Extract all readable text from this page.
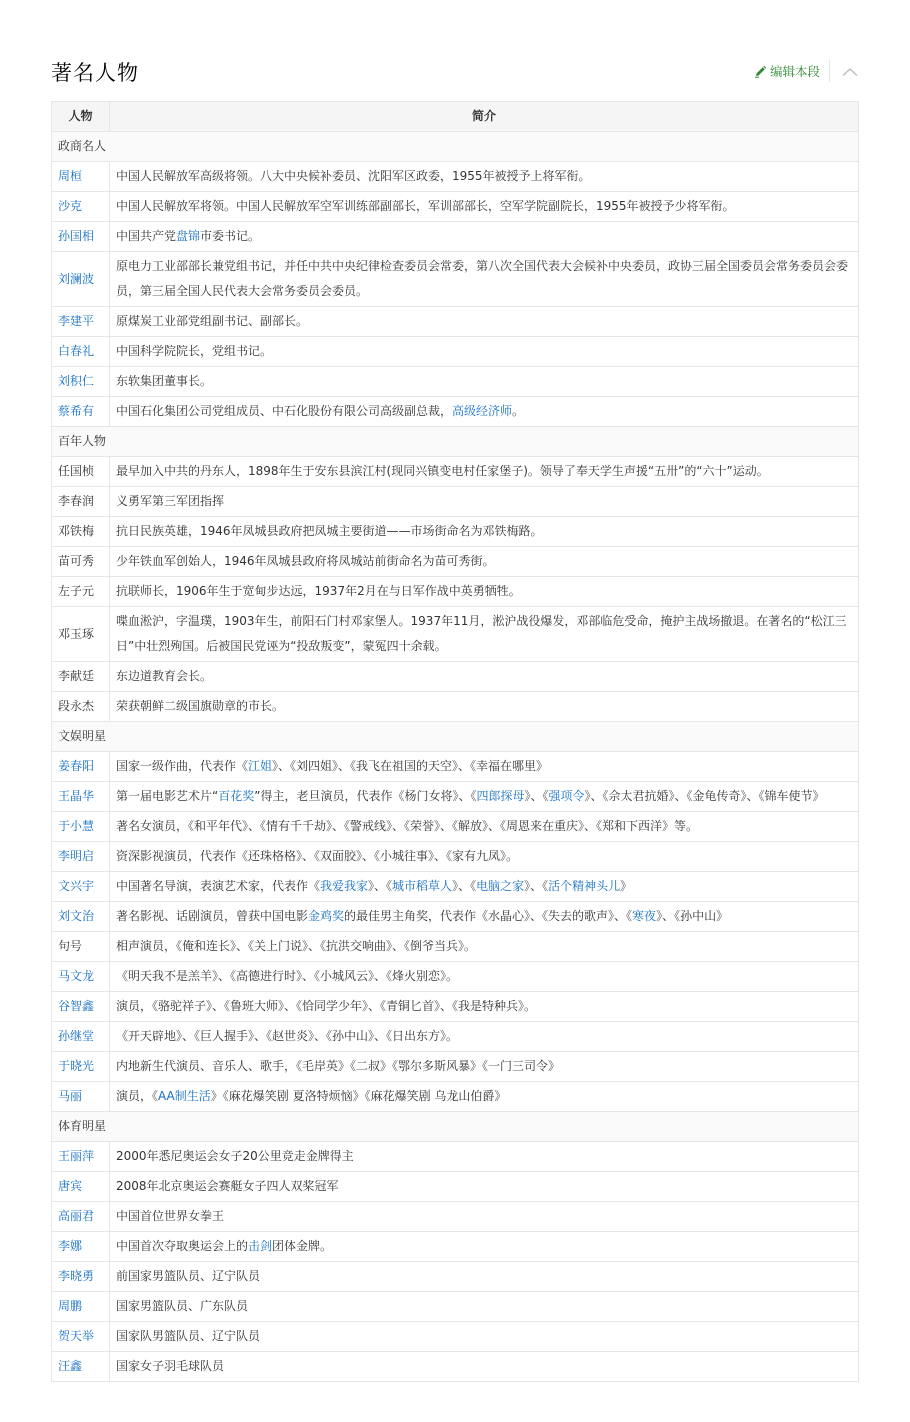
著名人物	编辑本段
人物	简介
政商名人	
周桓	中国人民解放军高级将领。八大中央候补委员、沈阳军区政委，1955年被授予上将军衔。
沙克	中国人民解放军将领。中国人民解放军空军训练部副部长，军训部部长，空军学院副院长，1955年被授予少将军衔。
孙国相	中国共产党盘锦市委书记。
刘澜波	原电力工业部部长兼党组书记，并任中共中央纪律检查委员会常委，第八次全国代表大会候补中央委员，政协三届全国委员会常务委员会委员，第三届全国人民代表大会常务委员会委员。
李建平	原煤炭工业部党组副书记、副部长。
白春礼	中国科学院院长，党组书记。
刘积仁	东软集团董事长。
蔡希有	中国石化集团公司党组成员、中石化股份有限公司高级副总裁，高级经济师。
百年人物	
任国桢	最早加入中共的丹东人，1898年生于安东县滨江村(现同兴镇变电村任家堡子)。领导了奉天学生声援“五卅”的“六十”运动。
李春润	义勇军第三军团指挥
邓铁梅	抗日民族英雄，1946年凤城县政府把凤城主要街道——市场街命名为邓铁梅路。
苗可秀	少年铁血军创始人，1946年凤城县政府将凤城站前街命名为苗可秀街。
左子元	抗联师长，1906年生于宽甸步达远，1937年2月在与日军作战中英勇牺牲。
邓玉琢	喋血淞沪，字温璞，1903年生，前阳石门村邓家堡人。1937年11月，淞沪战役爆发，邓部临危受命，掩护主战场撤退。在著名的“松江三日”中壮烈殉国。后被国民党诬为“投敌叛变”，蒙冤四十余载。
李献廷	东边道教育会长。
段永杰	荣获朝鲜二级国旗勋章的市长。
文娱明星	
姜春阳	国家一级作曲，代表作《江姐》、《刘四姐》、《我飞在祖国的天空》、《幸福在哪里》
王晶华	第一届电影艺术片“百花奖”得主，老旦演员，代表作《杨门女将》、《四郎探母》、《强项令》、《佘太君抗婚》、《金龟传奇》、《锦车使节》
于小慧	著名女演员，《和平年代》、《情有千千劫》、《警戒线》、《荣誉》、《解放》、《周恩来在重庆》、《郑和下西洋》等。
李明启	资深影视演员，代表作《还珠格格》、《双面胶》、《小城往事》、《家有九凤》。
文兴宇	中国著名导演，表演艺术家，代表作《我爱我家》、《城市稻草人》、《电脑之家》、《活个精神头儿》
刘文治	著名影视、话剧演员，曾获中国电影金鸡奖的最佳男主角奖，代表作《水晶心》、《失去的歌声》、《寒夜》、《孙中山》
句号	相声演员，《俺和连长》、《关上门说》、《抗洪交响曲》、《倒爷当兵》。
马文龙	《明天我不是羔羊》、《高德进行时》、《小城风云》、《烽火别恋》。
谷智鑫	演员，《骆驼祥子》、《鲁班大师》、《恰同学少年》、《青铜匕首》、《我是特种兵》。
孙继堂	《开天辟地》、《巨人握手》、《赵世炎》、《孙中山》、《日出东方》。
于晓光	内地新生代演员、音乐人、歌手，《毛岸英》《二叔》《鄂尔多斯风暴》《一门三司令》
马丽	演员，《AA制生活》《麻花爆笑剧 夏洛特烦恼》《麻花爆笑剧 乌龙山伯爵》
体育明星	
王丽萍	2000年悉尼奥运会女子20公里竞走金牌得主
唐宾	2008年北京奥运会赛艇女子四人双桨冠军
高丽君	中国首位世界女拳王
李娜	中国首次夺取奥运会上的击剑团体金牌。
李晓勇	前国家男篮队员、辽宁队员
周鹏	国家男篮队员、广东队员
贺天举	国家队男篮队员、辽宁队员
汪鑫	国家女子羽毛球队员
